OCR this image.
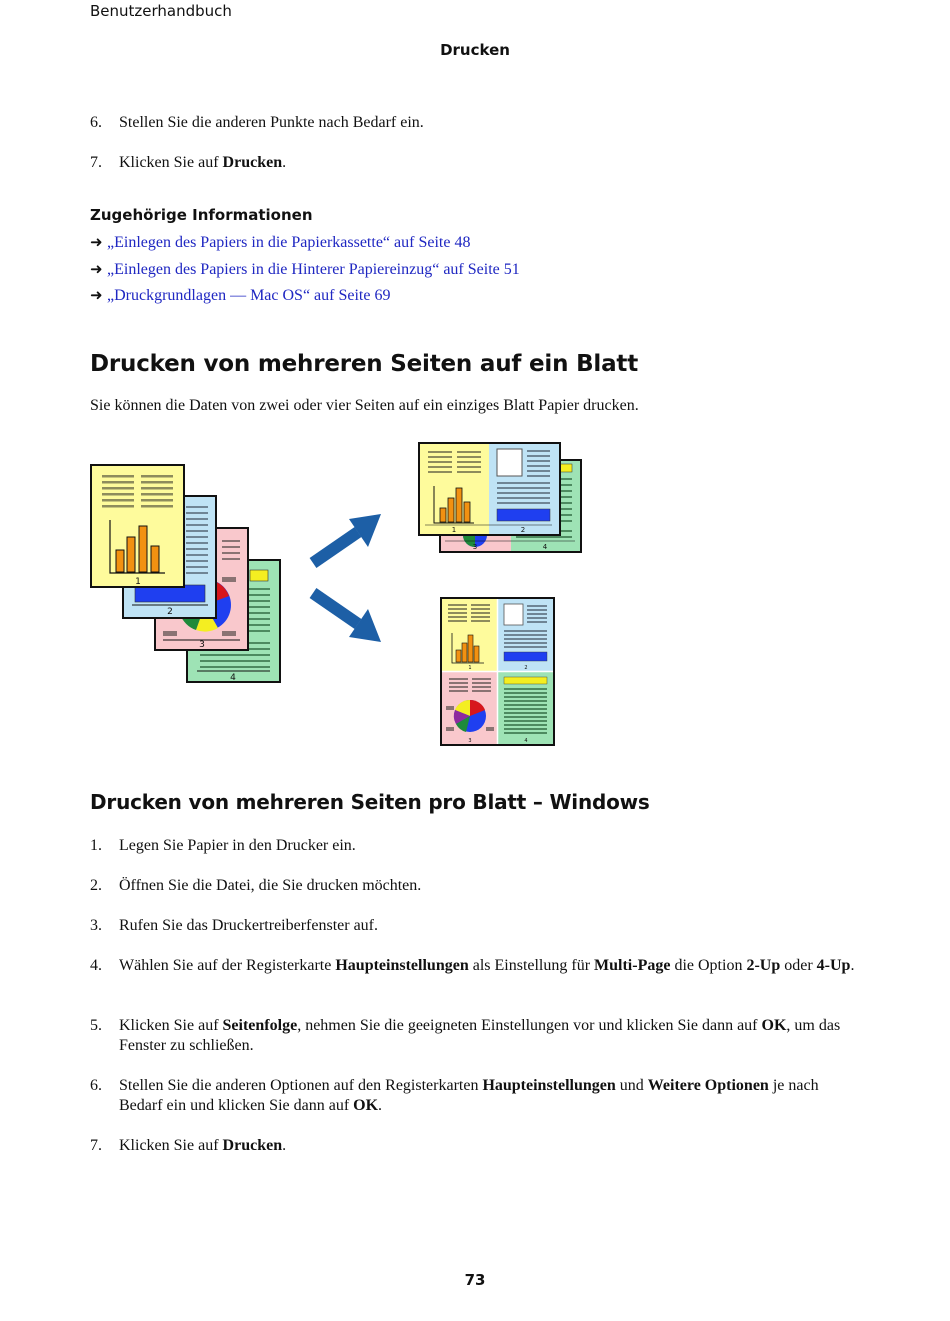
Benutzerhandbuch
Drucken
6. Stellen Sie die anderen Punkte nach Bedarf ein.
7. Klicken Sie auf Drucken.
Zugehörige Informationen
➜ „Einlegen des Papiers in die Papierkassette“ auf Seite 48
➜ „Einlegen des Papiers in die Hinterer Papiereinzug“ auf Seite 51
➜ „Druckgrundlagen — Mac OS“ auf Seite 69
Drucken von mehreren Seiten auf ein Blatt
Sie können die Daten von zwei oder vier Seiten auf ein einziges Blatt Papier drucken.
4
3
2
1
3	4
1	2
1	2
3	4
Drucken von mehreren Seiten pro Blatt – Windows
1. Legen Sie Papier in den Drucker ein.
2. Öffnen Sie die Datei, die Sie drucken möchten.
3. Rufen Sie das Druckertreiberfenster auf.
4. Wählen Sie auf der Registerkarte Haupteinstellungen als Einstellung für Multi-Page die Option 2-Up oder 4-Up.
5. Klicken Sie auf Seitenfolge, nehmen Sie die geeigneten Einstellungen vor und klicken Sie dann auf OK, um das Fenster zu schließen.
6. Stellen Sie die anderen Optionen auf den Registerkarten Haupteinstellungen und Weitere Optionen je nach Bedarf ein und klicken Sie dann auf OK.
7. Klicken Sie auf Drucken.
73
